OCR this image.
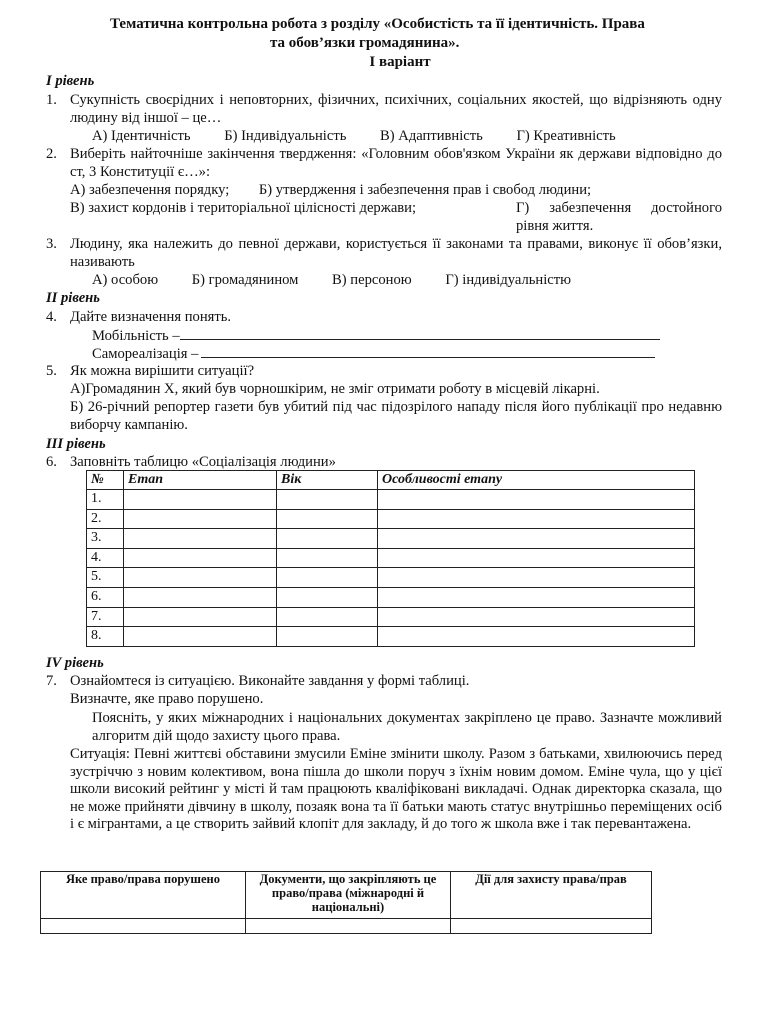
Тематична контрольна робота з розділу «Особистість та її ідентичність. Права
та обов’язки громадянина».
I варіант
I рівень
1. Сукупність своєрідних і неповторних, фізичних, психічних, соціальних якостей, що відрізняють одну людину від іншої – це…
А) Ідентичність Б) Індивідуальність В) Адаптивність Г) Креативність
2. Виберіть найточніше закінчення твердження: «Головним обов'язком України як держави відповідно до ст, 3 Конституції є…»:
А) забезпечення порядку; Б) утвердження і забезпечення прав і свобод людини;
В) захист кордонів і територіальної цілісності держави;	Г) забезпечення достойного рівня життя.
3. Людину, яка належить до певної держави, користується її законами та правами, виконує її обов’язки, називають
А) особою Б) громадянином В) персоною Г) індивідуальністю
II рівень
4. Дайте визначення понять.
Мобільність –
Самореалізація –
5. Як можна вирішити ситуації?
А)Громадянин Х, який був чорношкірим, не зміг отримати роботу в місцевій лікарні.
Б) 26-річний репортер газети був убитий під час підозрілого нападу після його публікації про недавню виборчу кампанію.
III рівень
6. Заповніть таблицю «Соціалізація людини»
№	Етап	Вік	Особливості етапу
1.			
2.			
3.			
4.			
5.			
6.			
7.			
8.			
IV рівень
7. Ознайомтеся із ситуацією. Виконайте завдання у формі таблиці.
Визначте, яке право порушено.
Поясніть, у яких міжнародних і національних документах закріплено це право. Зазначте можливий алгоритм дій щодо захисту цього права.
Ситуація: Певні життєві обставини змусили Еміне змінити школу. Разом з батьками, хвилюючись перед зустріччю з новим колективом, вона пішла до школи поруч з їхнім новим домом. Еміне чула, що у цієї школи високий рейтинг у місті й там працюють кваліфіковані викладачі. Однак директорка сказала, що не може прийняти дівчину в школу, позаяк вона та її батьки мають статус внутрішньо переміщених осіб і є мігрантами, а це створить зайвий клопіт для закладу, й до того ж школа вже і так перевантажена.
Яке право/права порушено	Документи, що закріпляють це право/права (міжнародні й національні)	Дії для захисту права/прав
